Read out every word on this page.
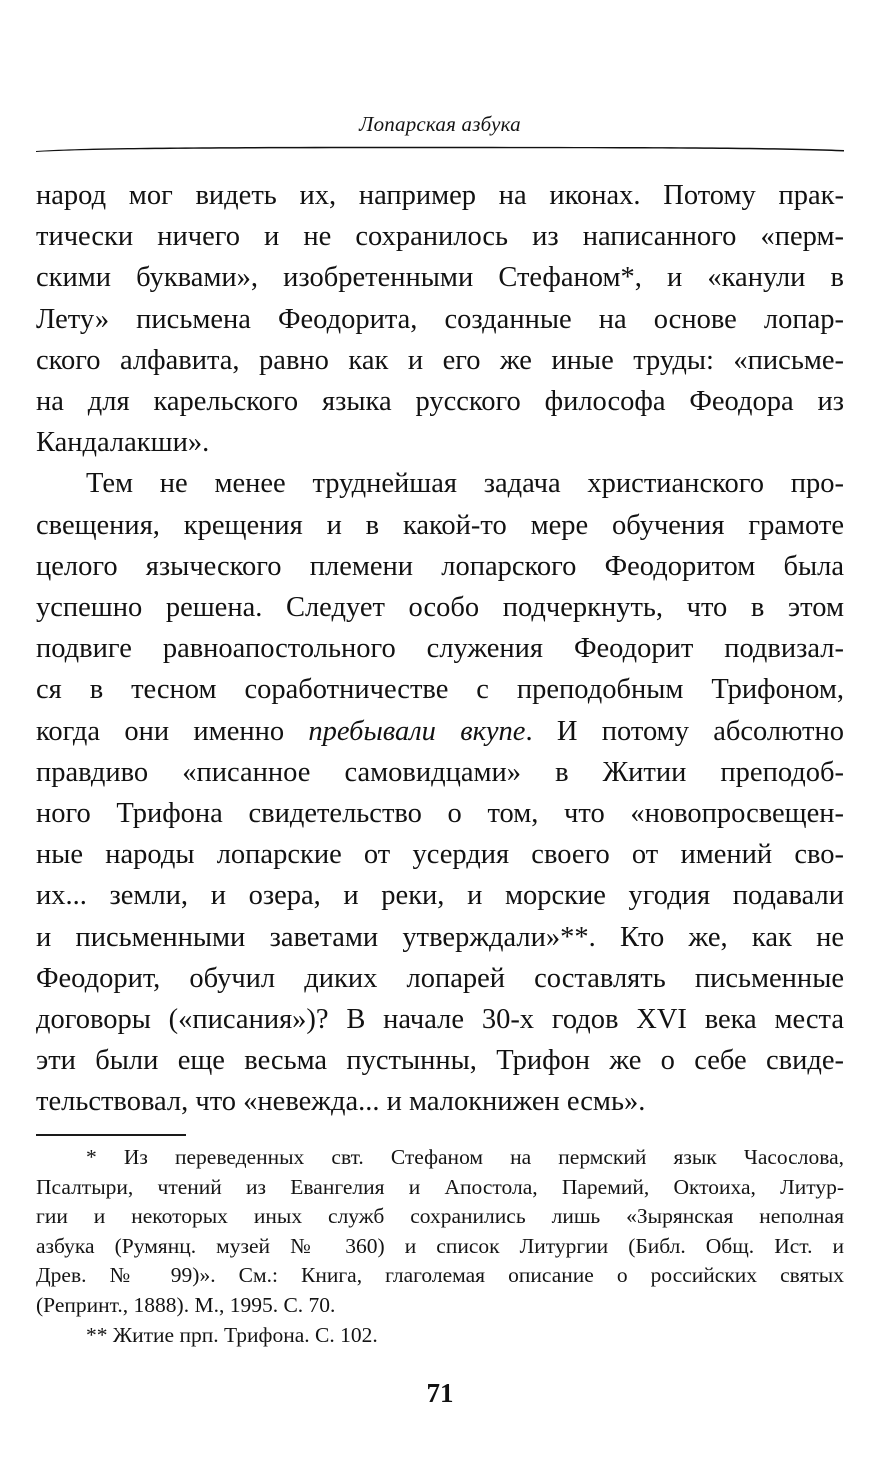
Лопарская азбука

народ мог видеть их, например на иконах. Потому прак-
тически ничего и не сохранилось из написанного «перм-
скими буквами», изобретенными Стефаном*, и «канули в
Лету» письмена Феодорита, созданные на основе лопар-
ского алфавита, равно как и его же иные труды: «письме-
на для карельского языка русского философа Феодора из
Кандалакши».

Тем не менее труднейшая задача христианского про-
свещения, крещения и в какой-то мере обучения грамоте
целого языческого племени лопарского Феодоритом была
успешно решена. Следует особо подчеркнуть, что в этом
подвиге равноапостольного служения Феодорит подвизал-
ся в тесном соработничестве с преподобным Трифоном,
когда они именно пребывали вкупе. И потому абсолютно
правдиво «писанное самовидцами» в Житии преподоб-
ного Трифона свидетельство о том, что «новопросвещен-
ные народы лопарские от усердия своего от имений сво-
их... земли, и озера, и реки, и морские угодия подавали
и письменными заветами утверждали»**. Кто же, как не
Феодорит, обучил диких лопарей составлять письменные
договоры («писания»)? В начале 30-х годов XVI века места
эти были еще весьма пустынны, Трифон же о себе свиде-
тельствовал, что «невежда... и малокнижен есмь».

* Из переведенных свт. Стефаном на пермский язык Часослова,
Псалтыри, чтений из Евангелия и Апостола, Паремий, Октоиха, Литур-
гии и некоторых иных служб сохранились лишь «Зырянская неполная
азбука (Румянц. музей № 360) и список Литургии (Библ. Общ. Ист. и
Древ. № 99)». См.: Книга, глаголемая описание о российских святых
(Репринт., 1888). М., 1995. С. 70.
** Житие прп. Трифона. С. 102.
71
